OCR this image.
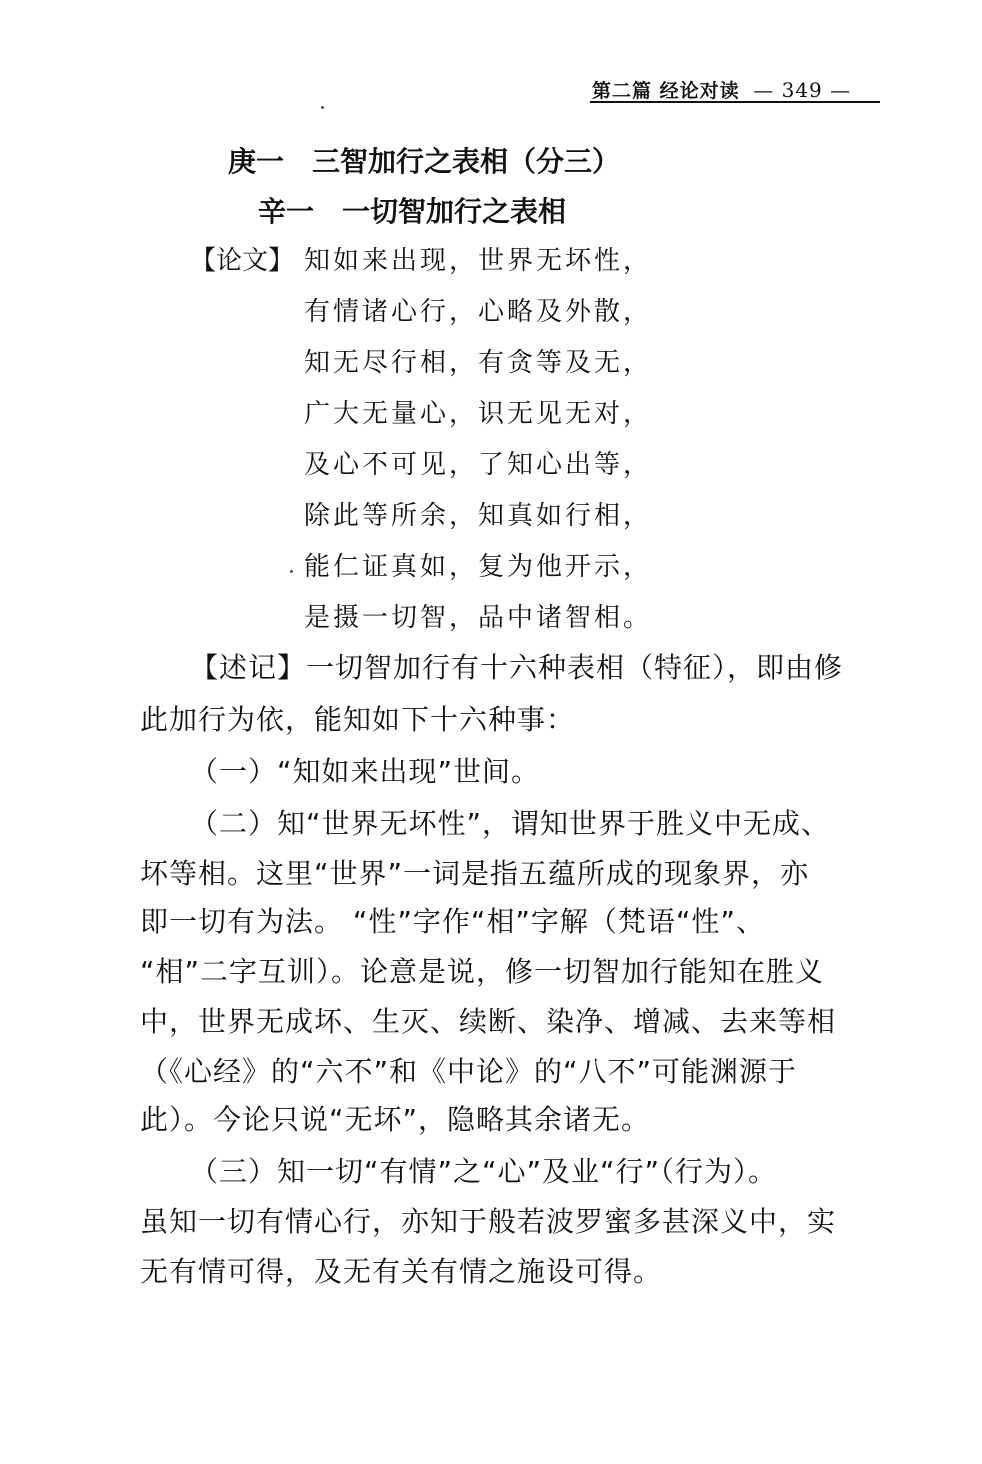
第二篇 经论对读 — 349 —
庚一 三智加行之表相（分三）
辛一 一切智加行之表相
【论文】 知如来出现，世界无坏性，
有情诸心行，心略及外散，
知无尽行相，有贪等及无，
广大无量心，识无见无对，
及心不可见，了知心出等，
除此等所余，知真如行相，
能仁证真如，复为他开示，
是摄一切智，品中诸智相。
【述记】一切智加行有十六种表相（特征），即由修
此加行为依，能知如下十六种事：
（一）“知如来出现”世间。
（二）知“世界无坏性”，谓知世界于胜义中无成、
坏等相。这里“世界”一词是指五蕴所成的现象界，亦
即一切有为法。 “性”字作“相”字解（梵语“性”、
“相”二字互训）。论意是说，修一切智加行能知在胜义
中，世界无成坏、生灭、续断、染净、增减、去来等相
（《心经》的“六不”和《中论》的“八不”可能渊源于
此）。今论只说“无坏”，隐略其余诸无。
（三）知一切“有情”之“心”及业“行”（行为）。
虽知一切有情心行，亦知于般若波罗蜜多甚深义中，实
无有情可得，及无有关有情之施设可得。
